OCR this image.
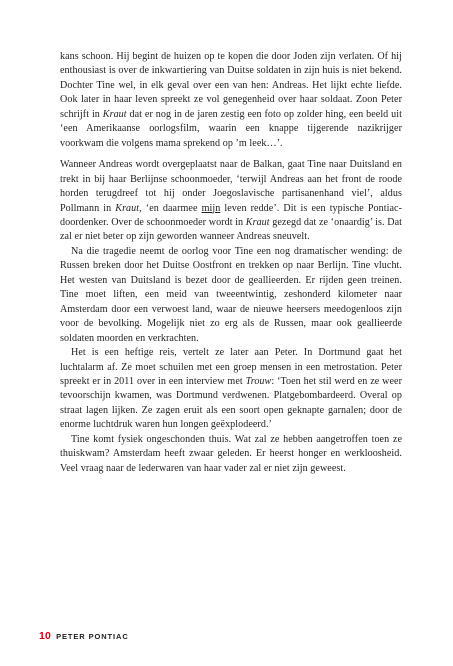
kans schoon. Hij begint de huizen op te kopen die door Joden zijn verlaten. Of hij enthousiast is over de inkwartiering van Duitse soldaten in zijn huis is niet bekend. Dochter Tine wel, in elk geval over een van hen: Andreas. Het lijkt echte liefde. Ook later in haar leven spreekt ze vol genegenheid over haar soldaat. Zoon Peter schrijft in Kraut dat er nog in de jaren zestig een foto op zolder hing, een beeld uit ‘een Amerikaanse oorlogsfilm, waarin een knappe tijgerende nazikrijger voorkwam die volgens mama sprekend op ’m leek…’.

Wanneer Andreas wordt overgeplaatst naar de Balkan, gaat Tine naar Duitsland en trekt in bij haar Berlijnse schoonmoeder, ‘terwijl Andreas aan het front de roode horden terugdreef tot hij onder Joegoslavische partisanenhand viel’, aldus Pollmann in Kraut, ‘en daarmee mijn leven redde’. Dit is een typische Pontiac-doordenker. Over de schoonmoeder wordt in Kraut gezegd dat ze ‘onaardig’ is. Dat zal er niet beter op zijn geworden wanneer Andreas sneuvelt.

Na die tragedie neemt de oorlog voor Tine een nog dramatischer wending: de Russen breken door het Duitse Oostfront en trekken op naar Berlijn. Tine vlucht. Het westen van Duitsland is bezet door de geallieerden. Er rijden geen treinen. Tine moet liften, een meid van tweeentwintig, zeshonderd kilometer naar Amsterdam door een verwoest land, waar de nieuwe heersers meedogenloos zijn voor de bevolking. Mogelijk niet zo erg als de Russen, maar ook geallieerde soldaten moorden en verkrachten.

Het is een heftige reis, vertelt ze later aan Peter. In Dortmund gaat het luchtalarm af. Ze moet schuilen met een groep mensen in een metrostation. Peter spreekt er in 2011 over in een interview met Trouw: ‘Toen het stil werd en ze weer tevoorschijn kwamen, was Dortmund verdwenen. Platgebombardeerd. Overal op straat lagen lijken. Ze zagen eruit als een soort open geknapte garnalen; door de enorme luchtdruk waren hun longen geëxplodeerd.’

Tine komt fysiek ongeschonden thuis. Wat zal ze hebben aangetroffen toen ze thuiskwam? Amsterdam heeft zwaar geleden. Er heerst honger en werkloosheid. Veel vraag naar de lederwaren van haar vader zal er niet zijn geweest.

10 PETER PONTIAC
